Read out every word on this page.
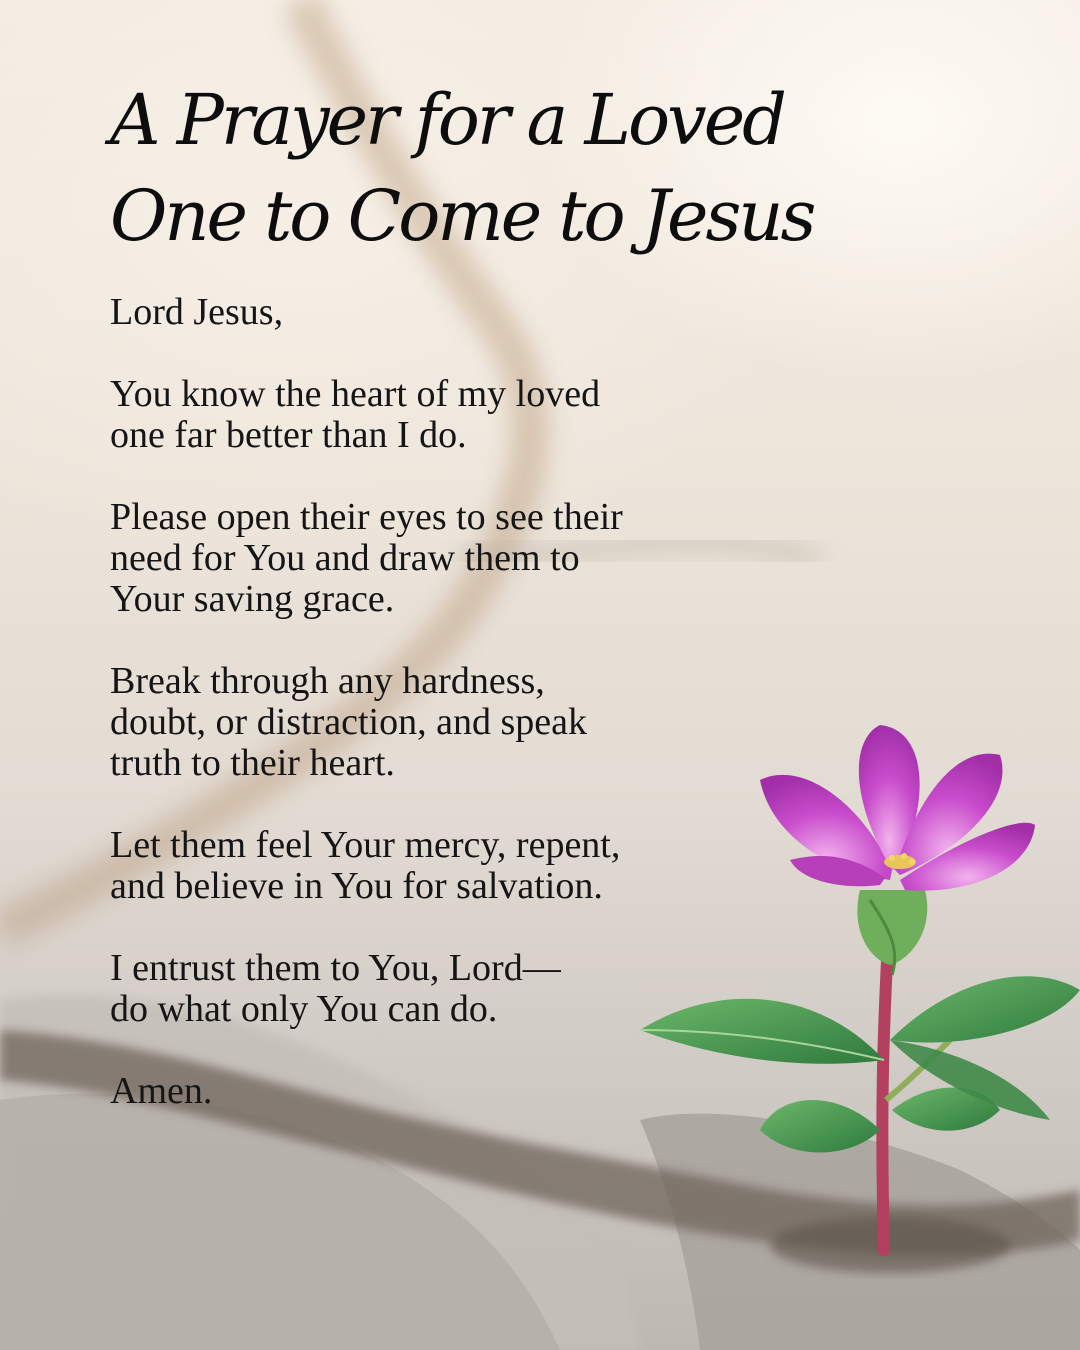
A Prayer for a Loved
One to Come to Jesus

Lord Jesus,

You know the heart of my loved
one far better than I do.

Please open their eyes to see their
need for You and draw them to
Your saving grace.

Break through any hardness,
doubt, or distraction, and speak
truth to their heart.

Let them feel Your mercy, repent,
and believe in You for salvation.

I entrust them to You, Lord—
do what only You can do.

Amen.
